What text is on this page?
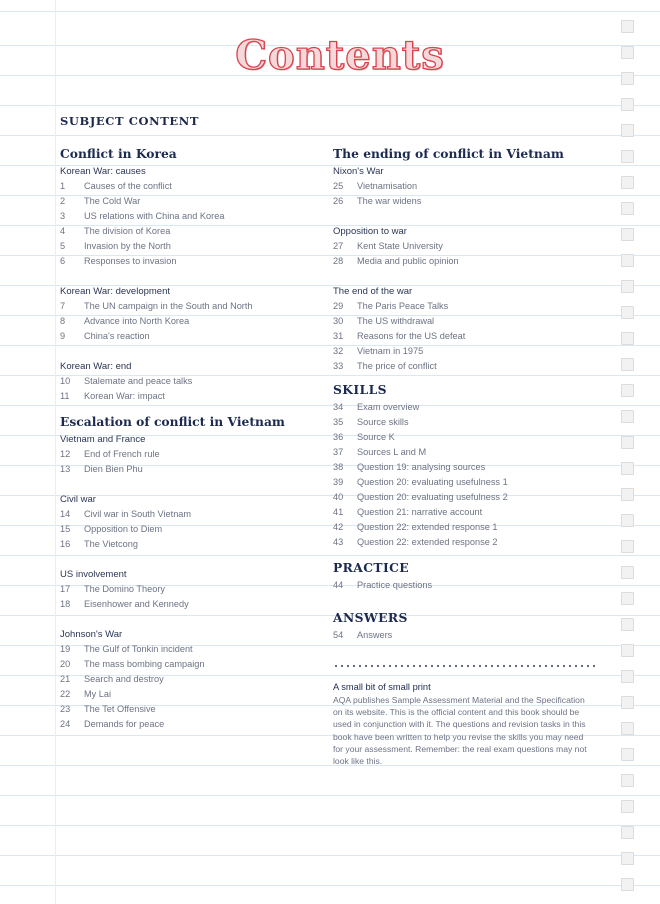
Contents
SUBJECT CONTENT
Conflict in Korea
Korean War: causes
1	Causes of the conflict
2	The Cold War
3	US relations with China and Korea
4	The division of Korea
5	Invasion by the North
6	Responses to invasion
Korean War: development
7	The UN campaign in the South and North
8	Advance into North Korea
9	China's reaction
Korean War: end
10	Stalemate and peace talks
11	Korean War: impact
Escalation of conflict in Vietnam
Vietnam and France
12	End of French rule
13	Dien Bien Phu
Civil war
14	Civil war in South Vietnam
15	Opposition to Diem
16	The Vietcong
US involvement
17	The Domino Theory
18	Eisenhower and Kennedy
Johnson's War
19	The Gulf of Tonkin incident
20	The mass bombing campaign
21	Search and destroy
22	My Lai
23	The Tet Offensive
24	Demands for peace
The ending of conflict in Vietnam
Nixon's War
25	Vietnamisation
26	The war widens
Opposition to war
27	Kent State University
28	Media and public opinion
The end of the war
29	The Paris Peace Talks
30	The US withdrawal
31	Reasons for the US defeat
32	Vietnam in 1975
33	The price of conflict
SKILLS
34	Exam overview
35	Source skills
36	Source K
37	Sources L and M
38	Question 19: analysing sources
39	Question 20: evaluating usefulness 1
40	Question 20: evaluating usefulness 2
41	Question 21: narrative account
42	Question 22: extended response 1
43	Question 22: extended response 2
PRACTICE
44	Practice questions
ANSWERS
54	Answers
A small bit of small print
AQA publishes Sample Assessment Material and the Specification on its website. This is the official content and this book should be used in conjunction with it. The questions and revision tasks in this book have been written to help you revise the skills you may need for your assessment. Remember: the real exam questions may not look like this.
